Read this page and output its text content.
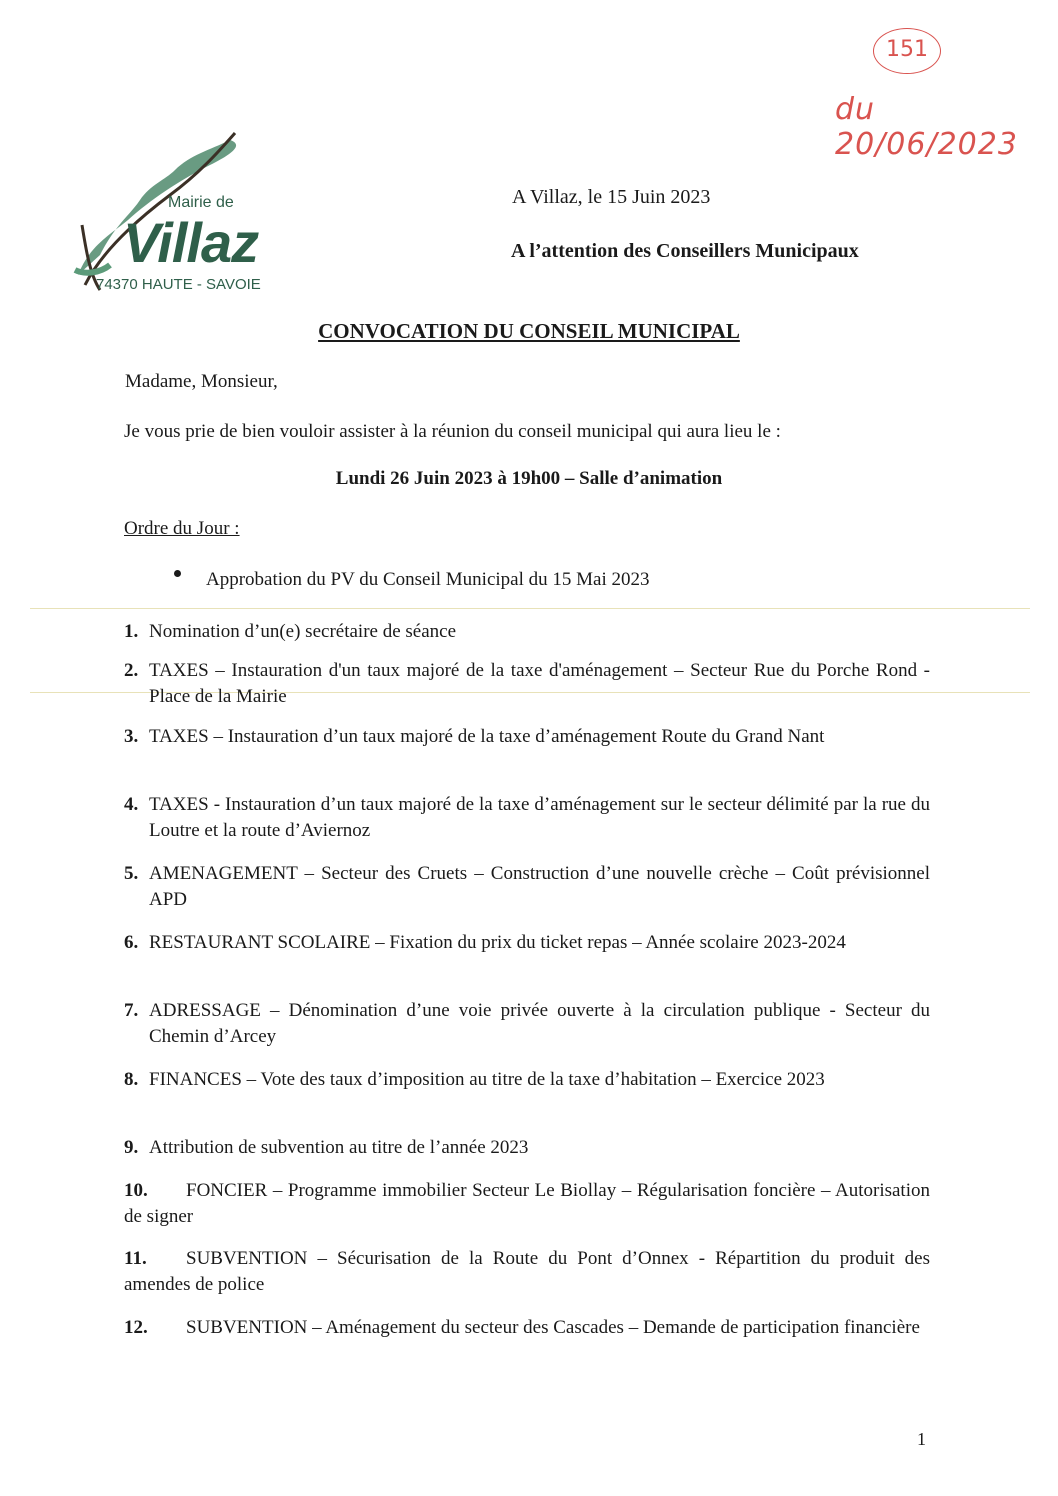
151
du 20/06/2023
Mairie de
Villaz
74370 HAUTE - SAVOIE
A Villaz, le 15 Juin 2023
A l’attention des Conseillers Municipaux
CONVOCATION DU CONSEIL MUNICIPAL
Madame, Monsieur,
Je vous prie de bien vouloir assister à la réunion du conseil municipal qui aura lieu le :
Lundi 26 Juin 2023 à 19h00 – Salle d’animation
Ordre du Jour :
Approbation du PV du Conseil Municipal du 15 Mai 2023
1. Nomination d’un(e) secrétaire de séance
2. TAXES – Instauration d'un taux majoré de la taxe d'aménagement – Secteur Rue du Porche Rond - Place de la Mairie
3. TAXES – Instauration d’un taux majoré de la taxe d’aménagement Route du Grand Nant
4. TAXES - Instauration d’un taux majoré de la taxe d’aménagement sur le secteur délimité par la rue du Loutre et la route d’Aviernoz
5. AMENAGEMENT – Secteur des Cruets – Construction d’une nouvelle crèche – Coût prévisionnel APD
6. RESTAURANT SCOLAIRE – Fixation du prix du ticket repas – Année scolaire 2023-2024
7. ADRESSAGE – Dénomination d’une voie privée ouverte à la circulation publique - Secteur du Chemin d’Arcey
8. FINANCES – Vote des taux d’imposition au titre de la taxe d’habitation – Exercice 2023
9. Attribution de subvention au titre de l’année 2023
10.	FONCIER – Programme immobilier Secteur Le Biollay – Régularisation foncière – Autorisation de signer
11.	SUBVENTION – Sécurisation de la Route du Pont d’Onnex - Répartition du produit des amendes de police
12.	SUBVENTION – Aménagement du secteur des Cascades – Demande de participation financière
1
